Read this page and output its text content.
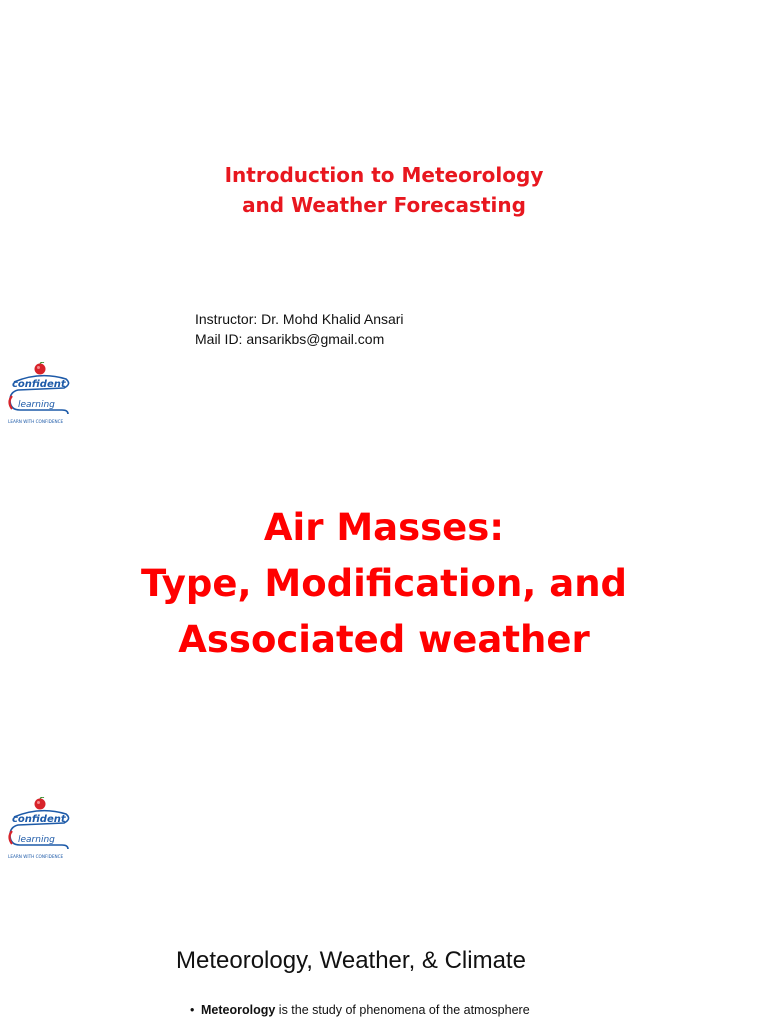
Introduction to Meteorology
and Weather Forecasting
Instructor: Dr. Mohd Khalid Ansari
Mail ID: ansarikbs@gmail.com
confident
learning
LEARN WITH CONFIDENCE
Air Masses:
Type, Modification, and
Associated weather
confident
learning
LEARN WITH CONFIDENCE
Meteorology, Weather, & Climate
• Meteorology is the study of phenomena of the atmosphere
